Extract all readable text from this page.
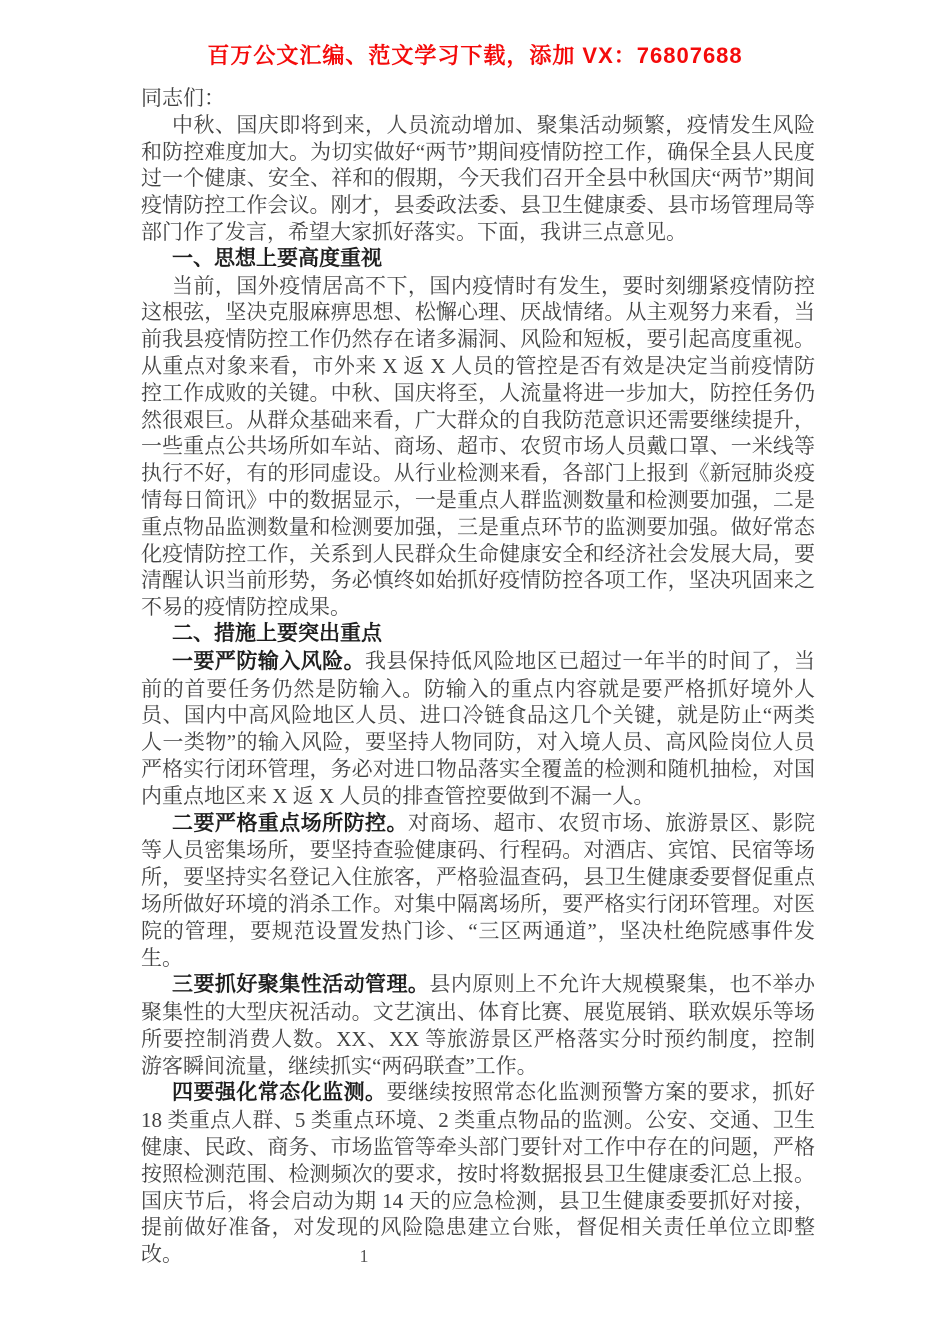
百万公文汇编、范文学习下载，添加 VX：76807688

同志们：

中秋、国庆即将到来，人员流动增加、聚集活动频繁，疫情发生风险和防控难度加大。为切实做好“两节”期间疫情防控工作，确保全县人民度过一个健康、安全、祥和的假期，今天我们召开全县中秋国庆“两节”期间疫情防控工作会议。刚才，县委政法委、县卫生健康委、县市场管理局等部门作了发言，希望大家抓好落实。下面，我讲三点意见。

一、思想上要高度重视

当前，国外疫情居高不下，国内疫情时有发生，要时刻绷紧疫情防控这根弦，坚决克服麻痹思想、松懈心理、厌战情绪。从主观努力来看，当前我县疫情防控工作仍然存在诸多漏洞、风险和短板，要引起高度重视。从重点对象来看，市外来 X 返 X 人员的管控是否有效是决定当前疫情防控工作成败的关键。中秋、国庆将至，人流量将进一步加大，防控任务仍然很艰巨。从群众基础来看，广大群众的自我防范意识还需要继续提升，一些重点公共场所如车站、商场、超市、农贸市场人员戴口罩、一米线等执行不好，有的形同虚设。从行业检测来看，各部门上报到《新冠肺炎疫情每日简讯》中的数据显示，一是重点人群监测数量和检测要加强，二是重点物品监测数量和检测要加强，三是重点环节的监测要加强。做好常态化疫情防控工作，关系到人民群众生命健康安全和经济社会发展大局，要清醒认识当前形势，务必慎终如始抓好疫情防控各项工作，坚决巩固来之不易的疫情防控成果。

二、措施上要突出重点

一要严防输入风险。我县保持低风险地区已超过一年半的时间了，当前的首要任务仍然是防输入。防输入的重点内容就是要严格抓好境外人员、国内中高风险地区人员、进口冷链食品这几个关键，就是防止“两类人一类物”的输入风险，要坚持人物同防，对入境人员、高风险岗位人员严格实行闭环管理，务必对进口物品落实全覆盖的检测和随机抽检，对国内重点地区来 X 返 X 人员的排查管控要做到不漏一人。

二要严格重点场所防控。对商场、超市、农贸市场、旅游景区、影院等人员密集场所，要坚持查验健康码、行程码。对酒店、宾馆、民宿等场所，要坚持实名登记入住旅客，严格验温查码，县卫生健康委要督促重点场所做好环境的消杀工作。对集中隔离场所，要严格实行闭环管理。对医院的管理，要规范设置发热门诊、“三区两通道”，坚决杜绝院感事件发生。

三要抓好聚集性活动管理。县内原则上不允许大规模聚集，也不举办聚集性的大型庆祝活动。文艺演出、体育比赛、展览展销、联欢娱乐等场所要控制消费人数。XX、XX 等旅游景区严格落实分时预约制度，控制游客瞬间流量，继续抓实“两码联查”工作。

四要强化常态化监测。要继续按照常态化监测预警方案的要求，抓好 18 类重点人群、5 类重点环境、2 类重点物品的监测。公安、交通、卫生健康、民政、商务、市场监管等牵头部门要针对工作中存在的问题，严格按照检测范围、检测频次的要求，按时将数据报县卫生健康委汇总上报。国庆节后，将会启动为期 14 天的应急检测，县卫生健康委要抓好对接，提前做好准备，对发现的风险隐患建立台账，督促相关责任单位立即整改。	1
